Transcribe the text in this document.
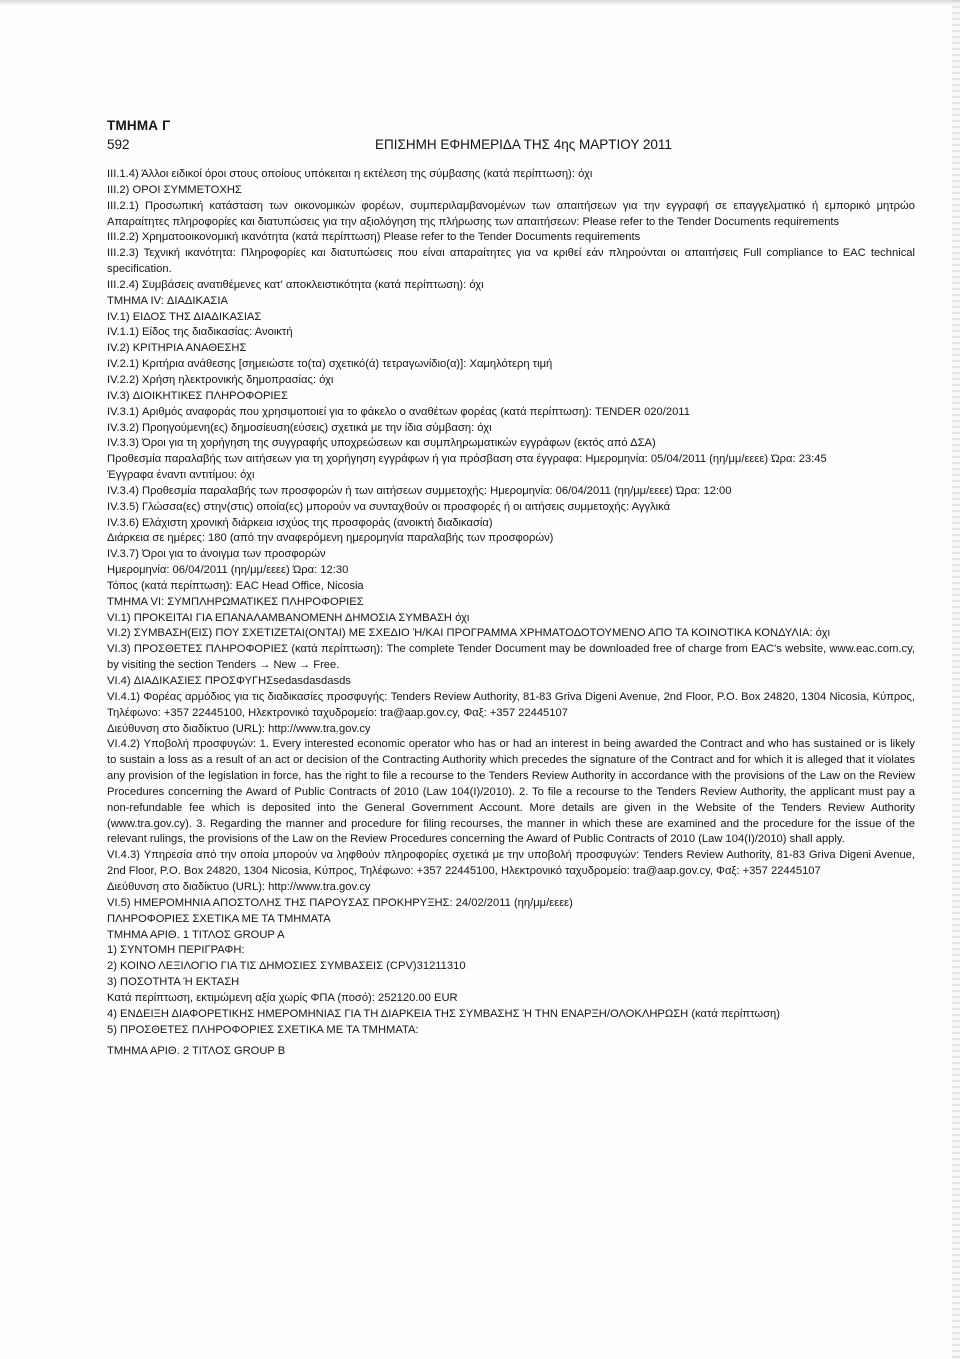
ΤΜΗΜΑ Γ
592	ΕΠΙΣΗΜΗ ΕΦΗΜΕΡΙΔΑ ΤΗΣ 4ης ΜΑΡΤΙΟΥ 2011
ΙΙΙ.1.4) Άλλοι ειδικοί όροι στους οποίους υπόκειται η εκτέλεση της σύμβασης (κατά περίπτωση): όχι
ΙΙΙ.2) ΟΡΟΙ ΣΥΜΜΕΤΟΧΗΣ
ΙΙΙ.2.1) Προσωπική κατάσταση των οικονομικών φορέων, συμπεριλαμβανομένων των απαιτήσεων για την εγγραφή σε επαγγελματικό ή εμπορικό μητρώο Απαραίτητες πληροφορίες και διατυπώσεις για την αξιολόγηση της πλήρωσης των απαιτήσεων: Please refer to the Tender Documents requirements
ΙΙΙ.2.2) Χρηματοοικονομική ικανότητα (κατά περίπτωση) Please refer to the Tender Documents requirements
ΙΙΙ.2.3) Τεχνική ικανότητα: Πληροφορίες και διατυπώσεις που είναι απαραίτητες για να κριθεί εάν πληρούνται οι απαιτήσεις Full compliance to EAC technical specification.
ΙΙΙ.2.4) Συμβάσεις ανατιθέμενες κατ' αποκλειστικότητα (κατά περίπτωση): όχι
ΤΜΗΜΑ IV: ΔΙΑΔΙΚΑΣΙΑ
IV.1) ΕΙΔΟΣ ΤΗΣ ΔΙΑΔΙΚΑΣΙΑΣ
IV.1.1) Είδος της διαδικασίας: Ανοικτή
IV.2) ΚΡΙΤΗΡΙΑ ΑΝΑΘΕΣΗΣ
IV.2.1) Κριτήρια ανάθεσης [σημειώστε το(τα) σχετικό(ά) τετραγωνίδιο(α)]: Χαμηλότερη τιμή
IV.2.2) Χρήση ηλεκτρονικής δημοπρασίας: όχι
IV.3) ΔΙΟΙΚΗΤΙΚΕΣ ΠΛΗΡΟΦΟΡΙΕΣ
IV.3.1) Αριθμός αναφοράς που χρησιμοποιεί για το φάκελο ο αναθέτων φορέας (κατά περίπτωση): TENDER 020/2011
IV.3.2) Προηγούμενη(ες) δημοσίευση(εύσεις) σχετικά με την ίδια σύμβαση: όχι
IV.3.3) Όροι για τη χορήγηση της συγγραφής υποχρεώσεων και συμπληρωματικών εγγράφων (εκτός από ΔΣΑ)
Προθεσμία παραλαβής των αιτήσεων για τη χορήγηση εγγράφων ή για πρόσβαση στα έγγραφα: Ημερομηνία: 05/04/2011 (ηη/μμ/εεεε) Ώρα: 23:45
Έγγραφα έναντι αντιτίμου: όχι
IV.3.4) Προθεσμία παραλαβής των προσφορών ή των αιτήσεων συμμετοχής: Ημερομηνία: 06/04/2011 (ηη/μμ/εεεε) Ώρα: 12:00
IV.3.5) Γλώσσα(ες) στην(στις) οποία(ες) μπορούν να συνταχθούν οι προσφορές ή οι αιτήσεις συμμετοχής: Αγγλικά
IV.3.6) Ελάχιστη χρονική διάρκεια ισχύος της προσφοράς (ανοικτή διαδικασία)
Διάρκεια σε ημέρες: 180 (από την αναφερόμενη ημερομηνία παραλαβής των προσφορών)
IV.3.7) Όροι για το άνοιγμα των προσφορών
Ημερομηνία: 06/04/2011 (ηη/μμ/εεεε) Ώρα: 12:30
Τόπος (κατά περίπτωση): EAC Head Office, Nicosia
ΤΜΗΜΑ VI: ΣΥΜΠΛΗΡΩΜΑΤΙΚΕΣ ΠΛΗΡΟΦΟΡΙΕΣ
VI.1) ΠΡΟΚΕΙΤΑΙ ΓΙΑ ΕΠΑΝΑΛΑΜΒΑΝΟΜΕΝΗ ΔΗΜΟΣΙΑ ΣΥΜΒΑΣΗ όχι
VI.2) ΣΥΜΒΑΣΗ(ΕΙΣ) ΠΟΥ ΣΧΕΤΙΖΕΤΑΙ(ΟΝΤΑΙ) ΜΕ ΣΧΕΔΙΟ Ή/ΚΑΙ ΠΡΟΓΡΑΜΜΑ ΧΡΗΜΑΤΟΔΟΤΟΥΜΕΝΟ ΑΠΟ ΤΑ ΚΟΙΝΟΤΙΚΑ ΚΟΝΔΥΛΙΑ: όχι
VI.3) ΠΡΟΣΘΕΤΕΣ ΠΛΗΡΟΦΟΡΙΕΣ (κατά περίπτωση): The complete Tender Document may be downloaded free of charge from EAC's website, www.eac.com.cy, by visiting the section Tenders → New → Free.
VI.4) ΔΙΑΔΙΚΑΣΙΕΣ ΠΡΟΣΦΥΓΗΣsedasdasdasds
VI.4.1) Φορέας αρμόδιος για τις διαδικασίες προσφυγής: Tenders Review Authority, 81-83 Griva Digeni Avenue, 2nd Floor, P.O. Box 24820, 1304 Nicosia, Κύπρος, Τηλέφωνο: +357 22445100, Ηλεκτρονικό ταχυδρομείο: tra@aap.gov.cy, Φαξ: +357 22445107
Διεύθυνση στο διαδίκτυο (URL): http://www.tra.gov.cy
VI.4.2) Υποβολή προσφυγών: 1. Every interested economic operator who has or had an interest in being awarded the Contract and who has sustained or is likely to sustain a loss as a result of an act or decision of the Contracting Authority which precedes the signature of the Contract and for which it is alleged that it violates any provision of the legislation in force, has the right to file a recourse to the Tenders Review Authority in accordance with the provisions of the Law on the Review Procedures concerning the Award of Public Contracts of 2010 (Law 104(I)/2010). 2. To file a recourse to the Tenders Review Authority, the applicant must pay a non-refundable fee which is deposited into the General Government Account. More details are given in the Website of the Tenders Review Authority (www.tra.gov.cy). 3. Regarding the manner and procedure for filing recourses, the manner in which these are examined and the procedure for the issue of the relevant rulings, the provisions of the Law on the Review Procedures concerning the Award of Public Contracts of 2010 (Law 104(I)/2010) shall apply.
VI.4.3) Υπηρεσία από την οποία μπορούν να ληφθούν πληροφορίες σχετικά με την υποβολή προσφυγών: Tenders Review Authority, 81-83 Griva Digeni Avenue, 2nd Floor, P.O. Box 24820, 1304 Nicosia, Κύπρος, Τηλέφωνο: +357 22445100, Ηλεκτρονικό ταχυδρομείο: tra@aap.gov.cy, Φαξ: +357 22445107
Διεύθυνση στο διαδίκτυο (URL): http://www.tra.gov.cy
VI.5) ΗΜΕΡΟΜΗΝΙΑ ΑΠΟΣΤΟΛΗΣ ΤΗΣ ΠΑΡΟΥΣΑΣ ΠΡΟΚΗΡΥΞΗΣ: 24/02/2011 (ηη/μμ/εεεε)
ΠΛΗΡΟΦΟΡΙΕΣ ΣΧΕΤΙΚΑ ΜΕ ΤΑ ΤΜΗΜΑΤΑ
ΤΜΗΜΑ ΑΡΙΘ. 1 ΤΙΤΛΟΣ GROUP A
1) ΣΥΝΤΟΜΗ ΠΕΡΙΓΡΑΦΗ:
2) ΚΟΙΝΟ ΛΕΞΙΛΟΓΙΟ ΓΙΑ ΤΙΣ ΔΗΜΟΣΙΕΣ ΣΥΜΒΑΣΕΙΣ (CPV)31211310
3) ΠΟΣΟΤΗΤΑ Ή ΕΚΤΑΣΗ
Κατά περίπτωση, εκτιμώμενη αξία χωρίς ΦΠΑ (ποσό): 252120.00 EUR
4) ΕΝΔΕΙΞΗ ΔΙΑΦΟΡΕΤΙΚΗΣ ΗΜΕΡΟΜΗΝΙΑΣ ΓΙΑ ΤΗ ΔΙΑΡΚΕΙΑ ΤΗΣ ΣΥΜΒΑΣΗΣ Ή ΤΗΝ ΕΝΑΡΞΗ/ΟΛΟΚΛΗΡΩΣΗ (κατά περίπτωση)
5) ΠΡΟΣΘΕΤΕΣ ΠΛΗΡΟΦΟΡΙΕΣ ΣΧΕΤΙΚΑ ΜΕ ΤΑ ΤΜΗΜΑΤΑ:
ΤΜΗΜΑ ΑΡΙΘ. 2 ΤΙΤΛΟΣ GROUP B
